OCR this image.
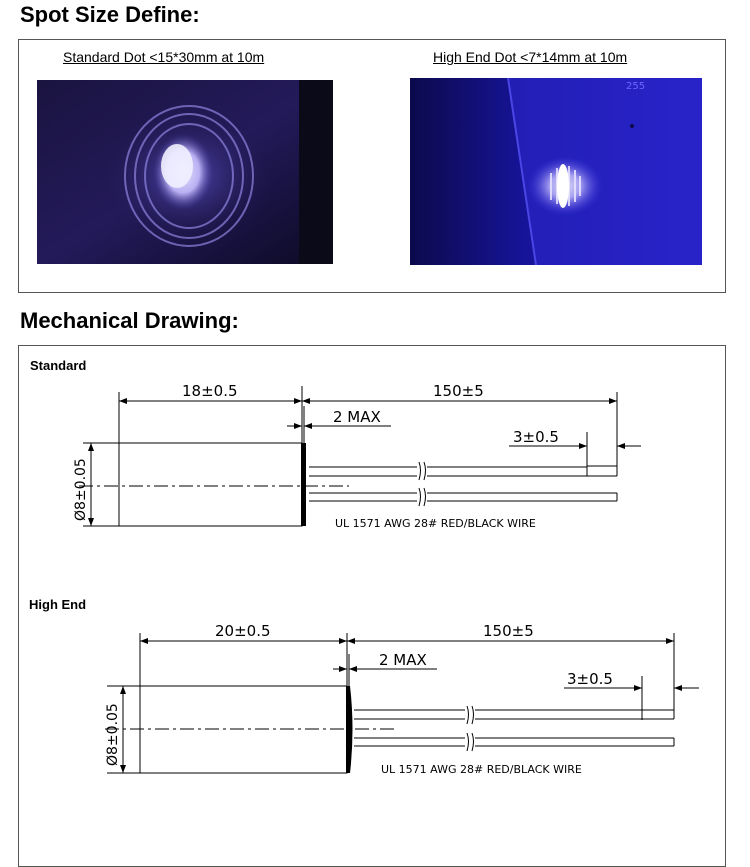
Spot Size Define:
Standard Dot <15*30mm at 10m	High End Dot <7*14mm at 10m
255
Mechanical Drawing:
Standard
High End
18±0.5	150±5
2 MAX
3±0.5
Ø8±0.05
UL 1571 AWG 28# RED/BLACK WIRE
20±0.5	150±5
2 MAX
3±0.5
Ø8±0.05
UL 1571 AWG 28# RED/BLACK WIRE
